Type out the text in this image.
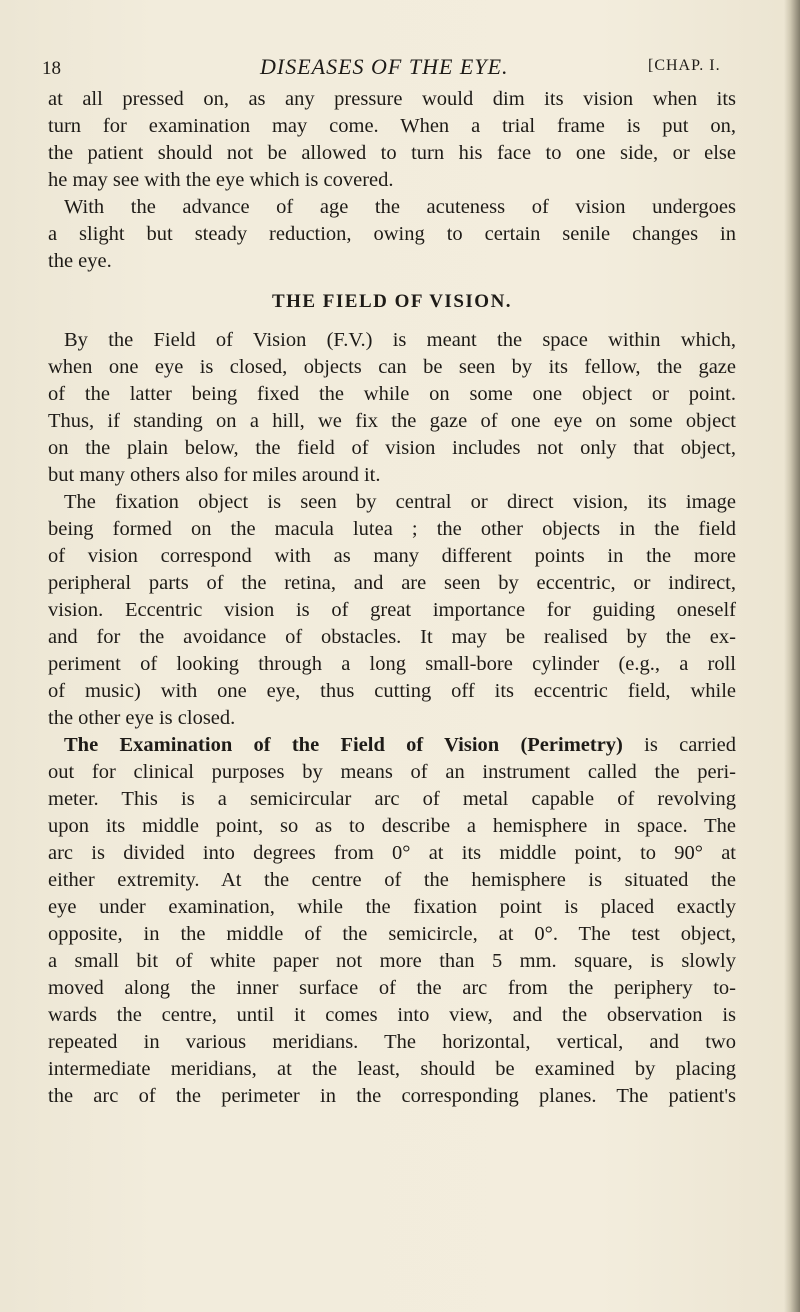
18	DISEASES OF THE EYE.	[CHAP. I.
at all pressed on, as any pressure would dim its vision when its
turn for examination may come. When a trial frame is put on,
the patient should not be allowed to turn his face to one side, or else
he may see with the eye which is covered.
With the advance of age the acuteness of vision undergoes
a slight but steady reduction, owing to certain senile changes in
the eye.
THE FIELD OF VISION.
By the Field of Vision (F.V.) is meant the space within which,
when one eye is closed, objects can be seen by its fellow, the gaze
of the latter being fixed the while on some one object or point.
Thus, if standing on a hill, we fix the gaze of one eye on some object
on the plain below, the field of vision includes not only that object,
but many others also for miles around it.
The fixation object is seen by central or direct vision, its image
being formed on the macula lutea ; the other objects in the field
of vision correspond with as many different points in the more
peripheral parts of the retina, and are seen by eccentric, or indirect,
vision. Eccentric vision is of great importance for guiding oneself
and for the avoidance of obstacles. It may be realised by the ex-
periment of looking through a long small-bore cylinder (e.g., a roll
of music) with one eye, thus cutting off its eccentric field, while
the other eye is closed.
The Examination of the Field of Vision (Perimetry) is carried
out for clinical purposes by means of an instrument called the peri-
meter. This is a semicircular arc of metal capable of revolving
upon its middle point, so as to describe a hemisphere in space. The
arc is divided into degrees from 0° at its middle point, to 90° at
either extremity. At the centre of the hemisphere is situated the
eye under examination, while the fixation point is placed exactly
opposite, in the middle of the semicircle, at 0°. The test object,
a small bit of white paper not more than 5 mm. square, is slowly
moved along the inner surface of the arc from the periphery to-
wards the centre, until it comes into view, and the observation is
repeated in various meridians. The horizontal, vertical, and two
intermediate meridians, at the least, should be examined by placing
the arc of the perimeter in the corresponding planes. The patient's
